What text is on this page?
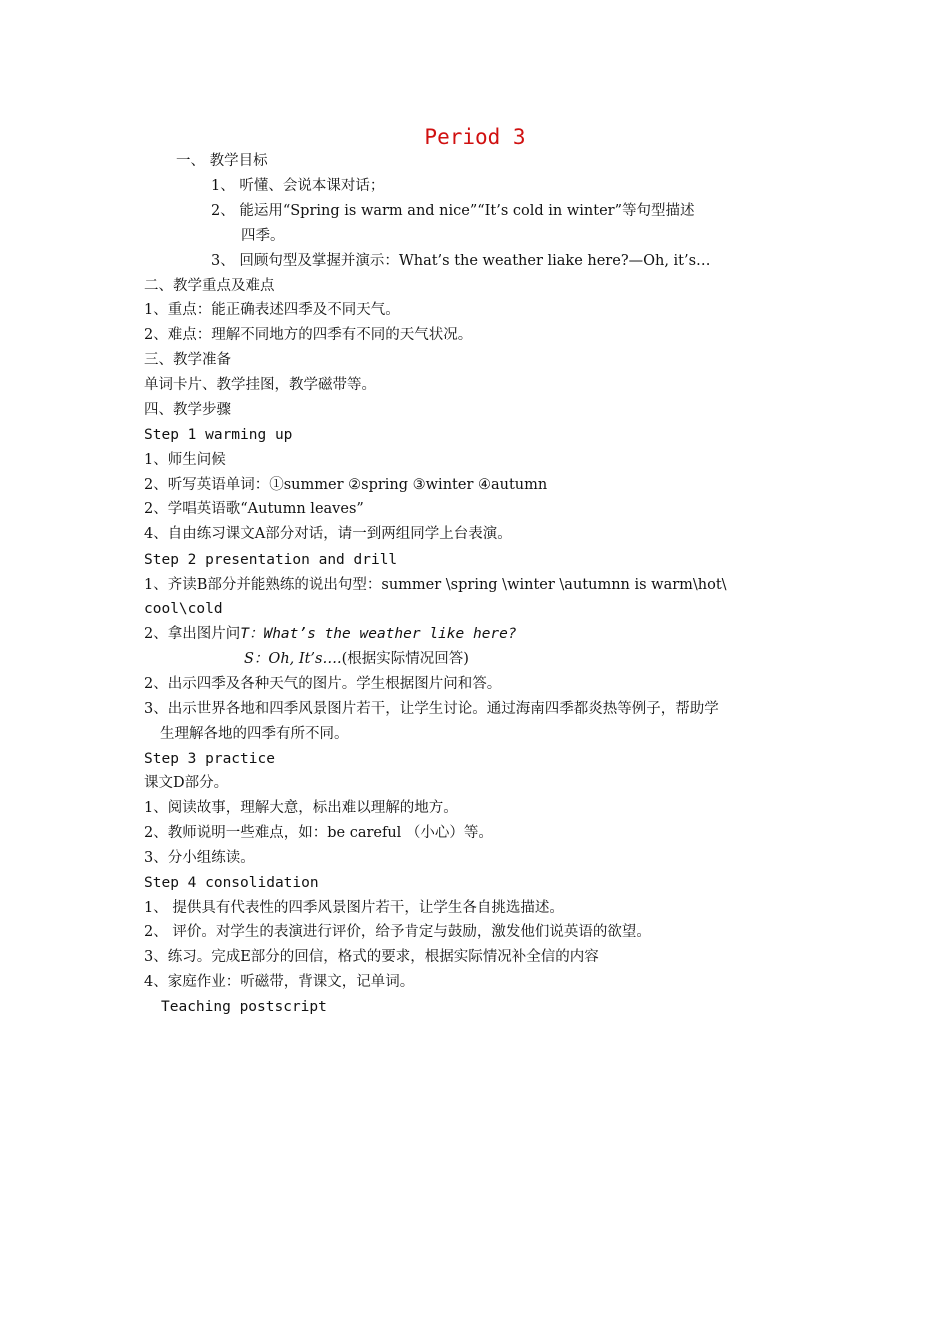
Period 3
一、 教学目标
1、 听懂、会说本课对话；
2、 能运用“Spring is warm and nice”“It’s cold in winter”等句型描述
四季。
3、 回顾句型及掌握并演示：What’s the weather liake here?—Oh, it’s…
二、教学重点及难点
1、重点：能正确表述四季及不同天气。
2、难点：理解不同地方的四季有不同的天气状况。
三、教学准备
单词卡片、教学挂图，教学磁带等。
四、教学步骤
Step 1 warming up
1、师生问候
2、听写英语单词：①summer ②spring ③winter ④autumn
2、学唱英语歌“Autumn leaves”
4、自由练习课文A部分对话，请一到两组同学上台表演。
Step 2 presentation and drill
1、齐读B部分并能熟练的说出句型：summer \spring \winter \autumnn is warm\hot\
cool\cold
2、拿出图片问T：What’s the weather like here?
S：Oh, It’s….(根据实际情况回答)
2、出示四季及各种天气的图片。学生根据图片问和答。
3、出示世界各地和四季风景图片若干，让学生讨论。通过海南四季都炎热等例子，帮助学
生理解各地的四季有所不同。
Step 3 practice
课文D部分。
1、阅读故事，理解大意，标出难以理解的地方。
2、教师说明一些难点，如：be careful （小心）等。
3、分小组练读。
Step 4 consolidation
1、 提供具有代表性的四季风景图片若干，让学生各自挑选描述。
2、 评价。对学生的表演进行评价，给予肯定与鼓励，激发他们说英语的欲望。
3、练习。完成E部分的回信，格式的要求，根据实际情况补全信的内容
4、家庭作业：听磁带，背课文，记单词。
Teaching postscript
